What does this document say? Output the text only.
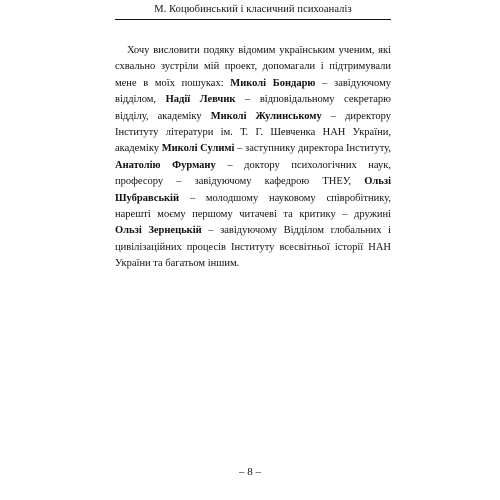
М. Коцюбинський і класичний психоаналіз

Хочу висловити подяку відомим українським ученим, які схвально зустріли мій проект, допомагали і підтримували мене в моїх пошуках: Миколі Бондарю – завідуючому відділом, Надії Левчик – відповідальному секретарю відділу, академіку Миколі Жулинському – директору Інституту літератури ім. Т. Г. Шевченка НАН України, академіку Миколі Сулимі – заступнику директора Інституту, Анатолію Фурману – доктору психологічних наук, професору – завідуючому кафедрою ТНЕУ, Ользі Шубравській – молодшому науковому співробітнику, нарешті моєму першому читачеві та критику – дружині Ользі Зернецькій – завідуючому Відділом глобальних і цивілізаційних процесів Інституту всесвітньої історії НАН України та багатьом іншим.

– 8 –
